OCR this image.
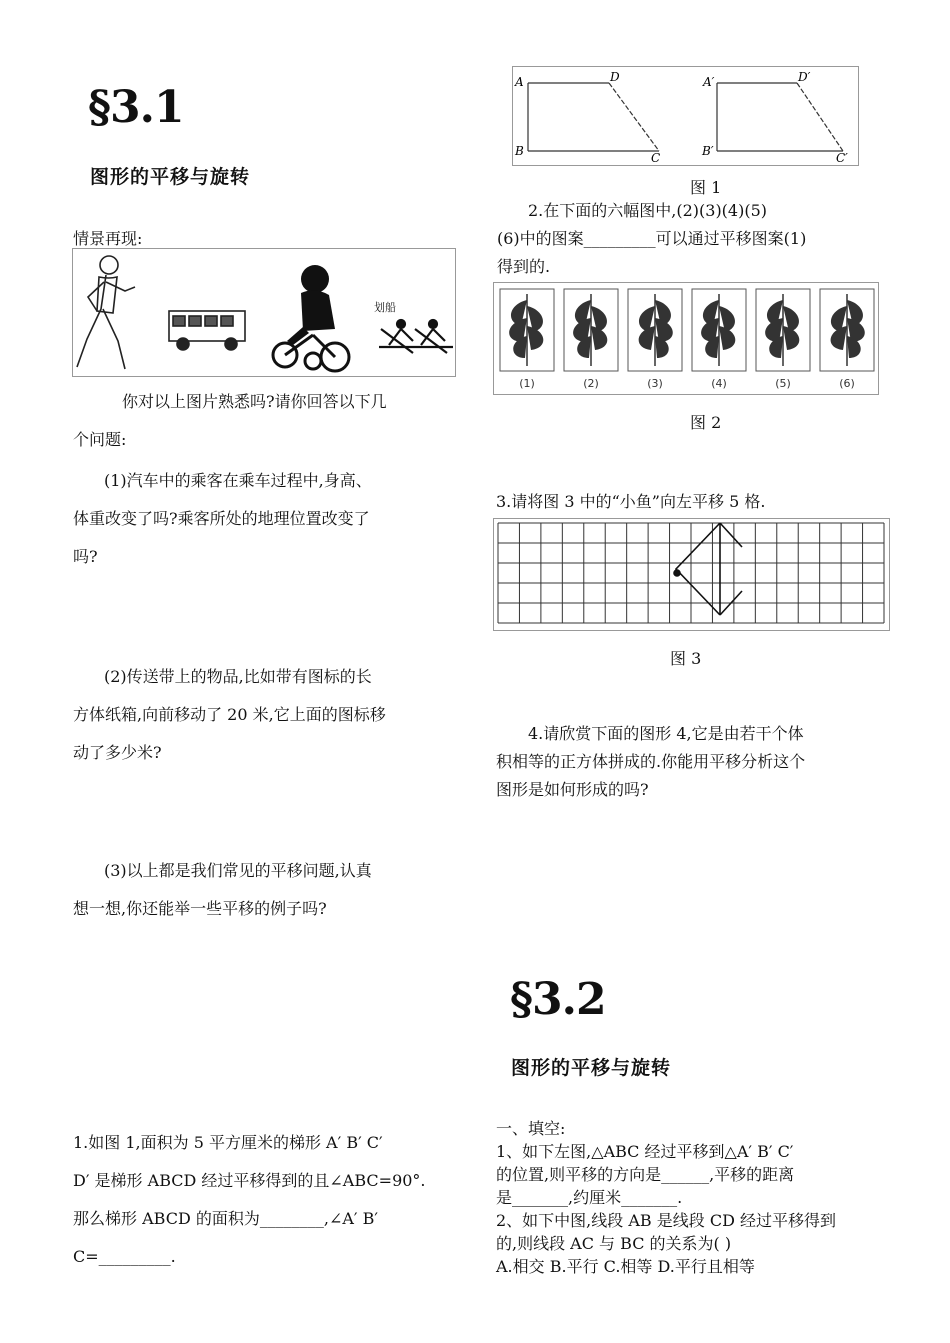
§3.1
图形的平移与旋转
情景再现:
划船
你对以上图片熟悉吗?请你回答以下几
个问题:
(1)汽车中的乘客在乘车过程中,身高、
体重改变了吗?乘客所处的地理位置改变了
吗?
(2)传送带上的物品,比如带有图标的长
方体纸箱,向前移动了 20 米,它上面的图标移
动了多少米?
(3)以上都是我们常见的平移问题,认真
想一想,你还能举一些平移的例子吗?
1.如图 1,面积为 5 平方厘米的梯形 A′ B′ C′
D′ 是梯形 ABCD 经过平移得到的且∠ABC=90°.
那么梯形 ABCD 的面积为________,∠A′ B′
C=_________.
A	D
B	C
A′	D′
B′	C′
图 1
2.在下面的六幅图中,(2)(3)(4)(5)
(6)中的图案_________可以通过平移图案(1)
得到的.
(1)	(2)	(3)	(4)	(5)	(6)
图 2
3.请将图 3 中的“小鱼”向左平移 5 格.
图 3
4.请欣赏下面的图形 4,它是由若干个体
积相等的正方体拼成的.你能用平移分析这个
图形是如何形成的吗?
§3.2
图形的平移与旋转
一、填空:
1、如下左图,△ABC 经过平移到△A′ B′ C′
的位置,则平移的方向是______,平移的距离
是_______,约厘米_______.
2、如下中图,线段 AB 是线段 CD 经过平移得到
的,则线段 AC 与 BC 的关系为( )
A.相交 B.平行 C.相等 D.平行且相等
